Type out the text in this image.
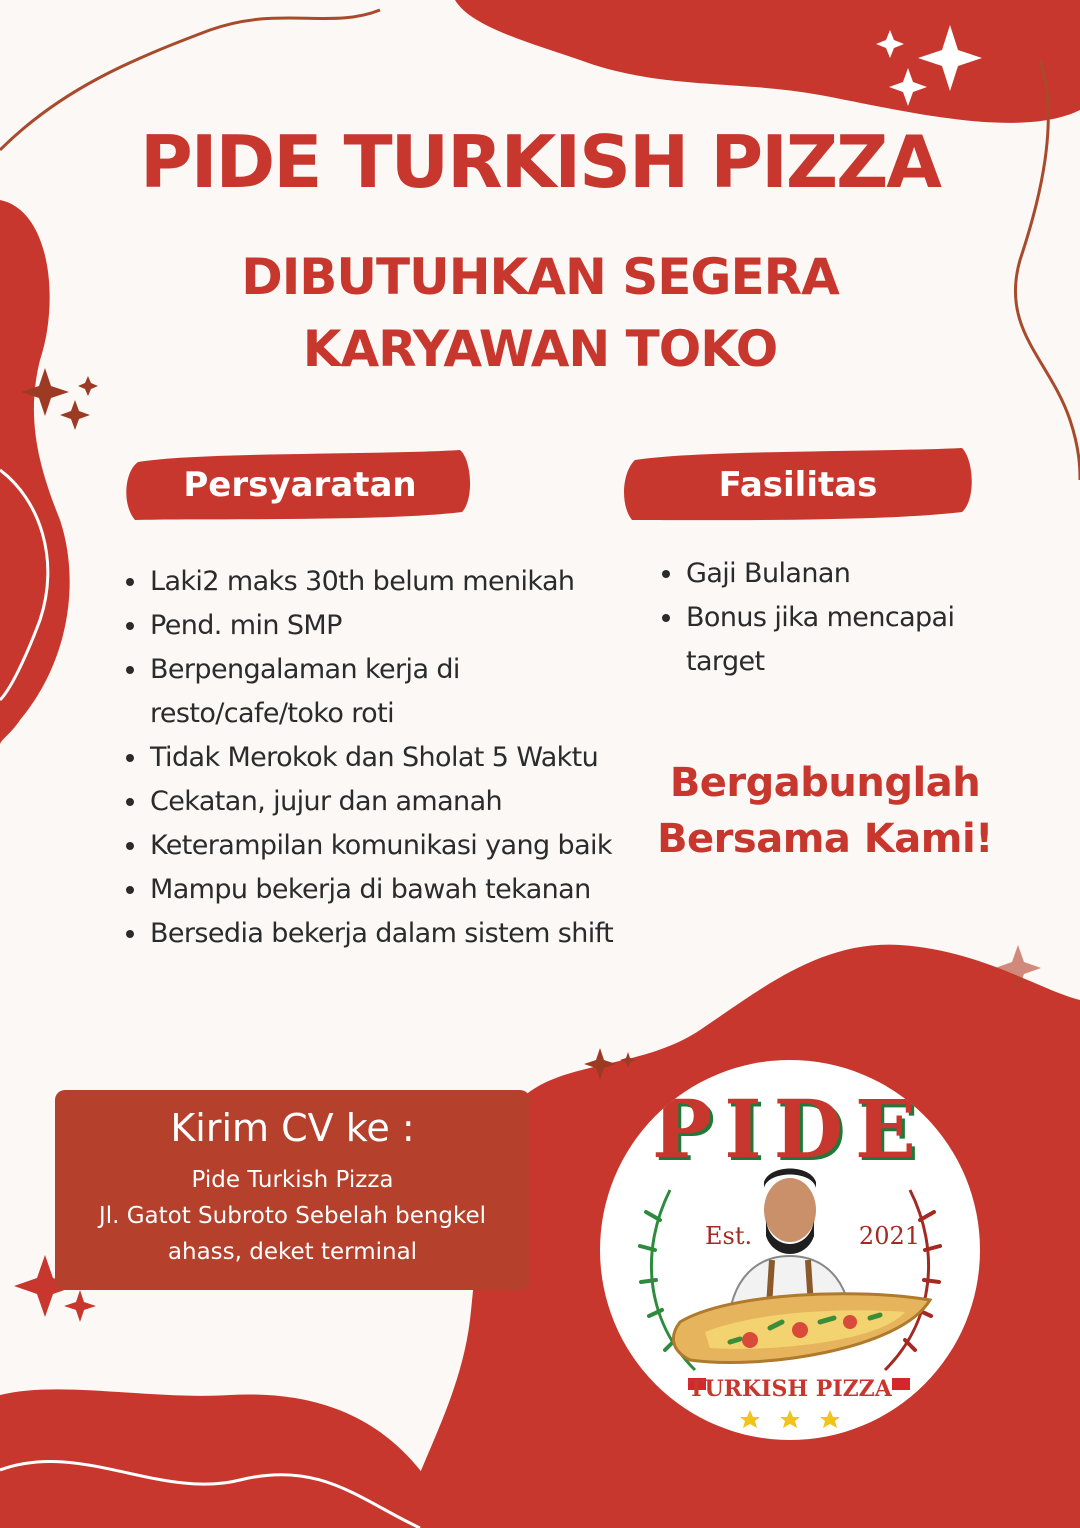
PIDE TURKISH PIZZA
DIBUTUHKAN SEGERA
KARYAWAN TOKO
Persyaratan	Fasilitas
Laki2 maks 30th belum menikah
Pend. min SMP
Berpengalaman kerja di resto/cafe/toko roti
Tidak Merokok dan Sholat 5 Waktu
Cekatan, jujur dan amanah
Keterampilan komunikasi yang baik
Mampu bekerja di bawah tekanan
Bersedia bekerja dalam sistem shift
Gaji Bulanan
Bonus jika mencapai target
Bergabunglah
Bersama Kami!
Kirim CV ke :
Pide Turkish Pizza
Jl. Gatot Subroto Sebelah bengkel
ahass, deket terminal
PIDE
Est.	2021
TURKISH PIZZA
